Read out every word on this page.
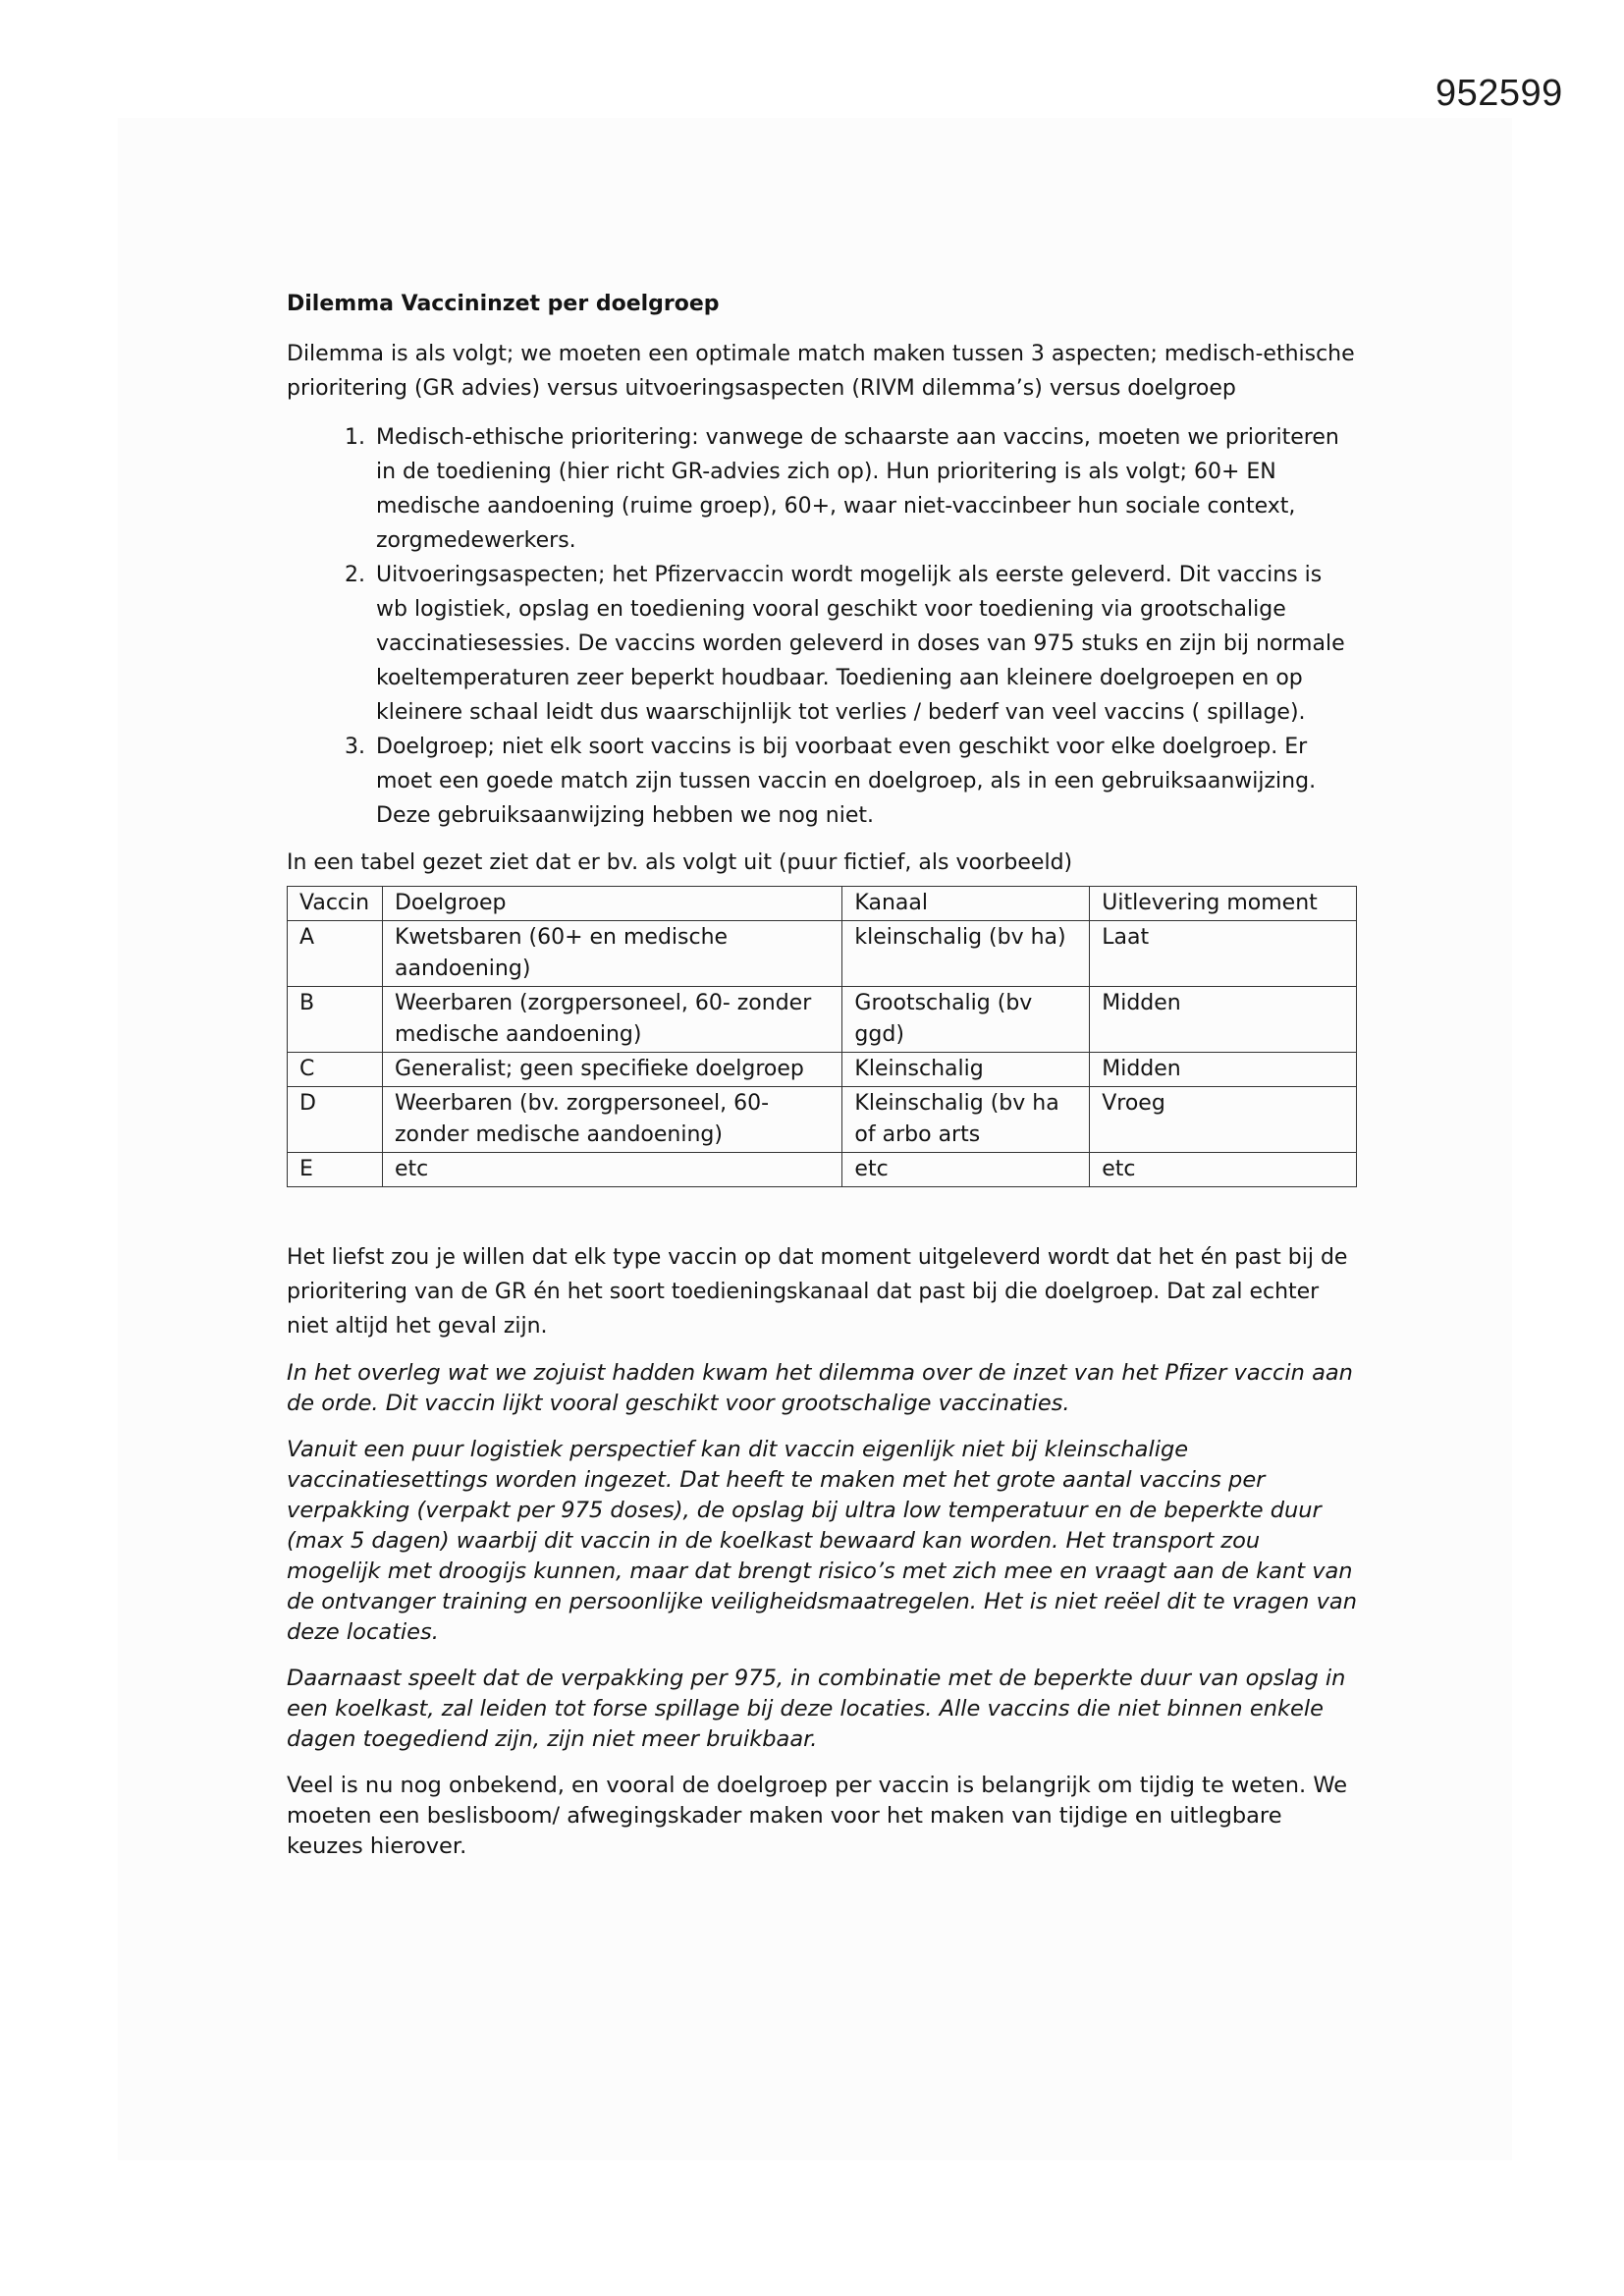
952599

Dilemma Vaccininzet per doelgroep

Dilemma is als volgt; we moeten een optimale match maken tussen 3 aspecten; medisch-ethische prioritering (GR advies) versus uitvoeringsaspecten (RIVM dilemma’s) versus doelgroep

1. Medisch-ethische prioritering: vanwege de schaarste aan vaccins, moeten we prioriteren in de toediening (hier richt GR-advies zich op). Hun prioritering is als volgt; 60+ EN medische aandoening (ruime groep), 60+, waar niet-vaccinbeer hun sociale context, zorgmedewerkers.
2. Uitvoeringsaspecten; het Pfizervaccin wordt mogelijk als eerste geleverd. Dit vaccins is wb logistiek, opslag en toediening vooral geschikt voor toediening via grootschalige vaccinatiesessies. De vaccins worden geleverd in doses van 975 stuks en zijn bij normale koeltemperaturen zeer beperkt houdbaar. Toediening aan kleinere doelgroepen en op kleinere schaal leidt dus waarschijnlijk tot verlies / bederf van veel vaccins ( spillage).
3. Doelgroep; niet elk soort vaccins is bij voorbaat even geschikt voor elke doelgroep. Er moet een goede match zijn tussen vaccin en doelgroep, als in een gebruiksaanwijzing. Deze gebruiksaanwijzing hebben we nog niet.

In een tabel gezet ziet dat er bv. als volgt uit (puur fictief, als voorbeeld)

Vaccin	Doelgroep	Kanaal	Uitlevering moment
A	Kwetsbaren (60+ en medische aandoening)	kleinschalig (bv ha)	Laat
B	Weerbaren (zorgpersoneel, 60- zonder medische aandoening)	Grootschalig (bv ggd)	Midden
C	Generalist; geen specifieke doelgroep	Kleinschalig	Midden
D	Weerbaren (bv. zorgpersoneel, 60- zonder medische aandoening)	Kleinschalig (bv ha of arbo arts	Vroeg
E	etc	etc	etc

Het liefst zou je willen dat elk type vaccin op dat moment uitgeleverd wordt dat het én past bij de prioritering van de GR én het soort toedieningskanaal dat past bij die doelgroep. Dat zal echter niet altijd het geval zijn.

In het overleg wat we zojuist hadden kwam het dilemma over de inzet van het Pfizer vaccin aan de orde. Dit vaccin lijkt vooral geschikt voor grootschalige vaccinaties.

Vanuit een puur logistiek perspectief kan dit vaccin eigenlijk niet bij kleinschalige vaccinatiesettings worden ingezet. Dat heeft te maken met het grote aantal vaccins per verpakking (verpakt per 975 doses), de opslag bij ultra low temperatuur en de beperkte duur (max 5 dagen) waarbij dit vaccin in de koelkast bewaard kan worden. Het transport zou mogelijk met droogijs kunnen, maar dat brengt risico’s met zich mee en vraagt aan de kant van de ontvanger training en persoonlijke veiligheidsmaatregelen. Het is niet reëel dit te vragen van deze locaties.

Daarnaast speelt dat de verpakking per 975, in combinatie met de beperkte duur van opslag in een koelkast, zal leiden tot forse spillage bij deze locaties. Alle vaccins die niet binnen enkele dagen toegediend zijn, zijn niet meer bruikbaar.

Veel is nu nog onbekend, en vooral de doelgroep per vaccin is belangrijk om tijdig te weten. We moeten een beslisboom/ afwegingskader maken voor het maken van tijdige en uitlegbare keuzes hierover.
